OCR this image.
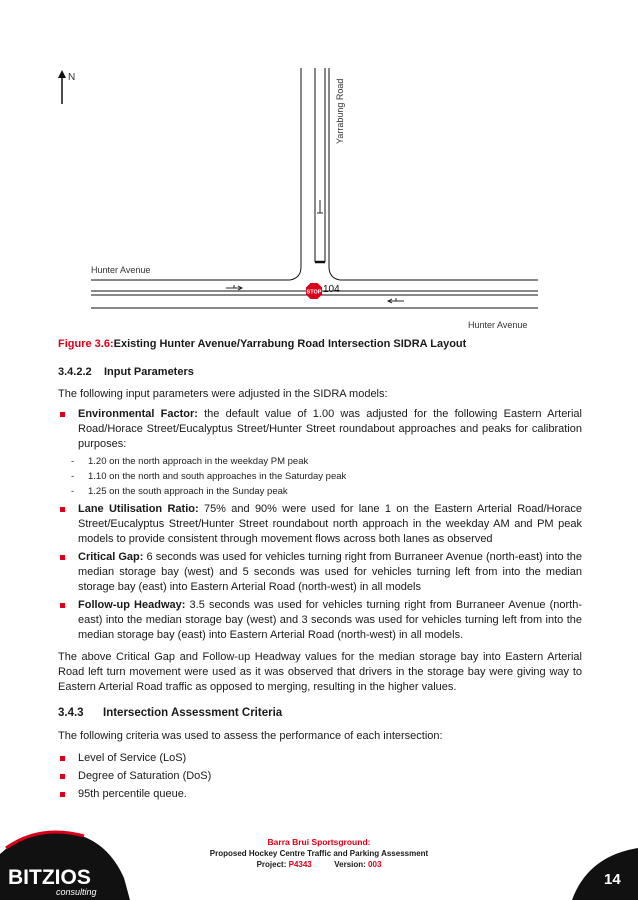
STOP
N
Yarrabung Road
Hunter Avenue
Hunter Avenue
104
Figure 3.6:Existing Hunter Avenue/Yarrabung Road Intersection SIDRA Layout
3.4.2.2 Input Parameters
The following input parameters were adjusted in the SIDRA models:
Environmental Factor: the default value of 1.00 was adjusted for the following Eastern Arterial Road/Horace Street/Eucalyptus Street/Hunter Street roundabout approaches and peaks for calibration purposes:
- 1.20 on the north approach in the weekday PM peak
- 1.10 on the north and south approaches in the Saturday peak
- 1.25 on the south approach in the Sunday peak
Lane Utilisation Ratio: 75% and 90% were used for lane 1 on the Eastern Arterial Road/Horace Street/Eucalyptus Street/Hunter Street roundabout north approach in the weekday AM and PM peak models to provide consistent through movement flows across both lanes as observed
Critical Gap: 6 seconds was used for vehicles turning right from Burraneer Avenue (north-east) into the median storage bay (west) and 5 seconds was used for vehicles turning left from into the median storage bay (east) into Eastern Arterial Road (north-west) in all models
Follow-up Headway: 3.5 seconds was used for vehicles turning right from Burraneer Avenue (north-east) into the median storage bay (west) and 3 seconds was used for vehicles turning left from into the median storage bay (east) into Eastern Arterial Road (north-west) in all models.
The above Critical Gap and Follow-up Headway values for the median storage bay into Eastern Arterial Road left turn movement were used as it was observed that drivers in the storage bay were giving way to Eastern Arterial Road traffic as opposed to merging, resulting in the higher values.
3.4.3 Intersection Assessment Criteria
The following criteria was used to assess the performance of each intersection:
Level of Service (LoS)
Degree of Saturation (DoS)
95th percentile queue.
BITZIOS
consulting
Barra Brui Sportsground:
Proposed Hockey Centre Traffic and Parking Assessment
Project: P4343	Version: 003
14
